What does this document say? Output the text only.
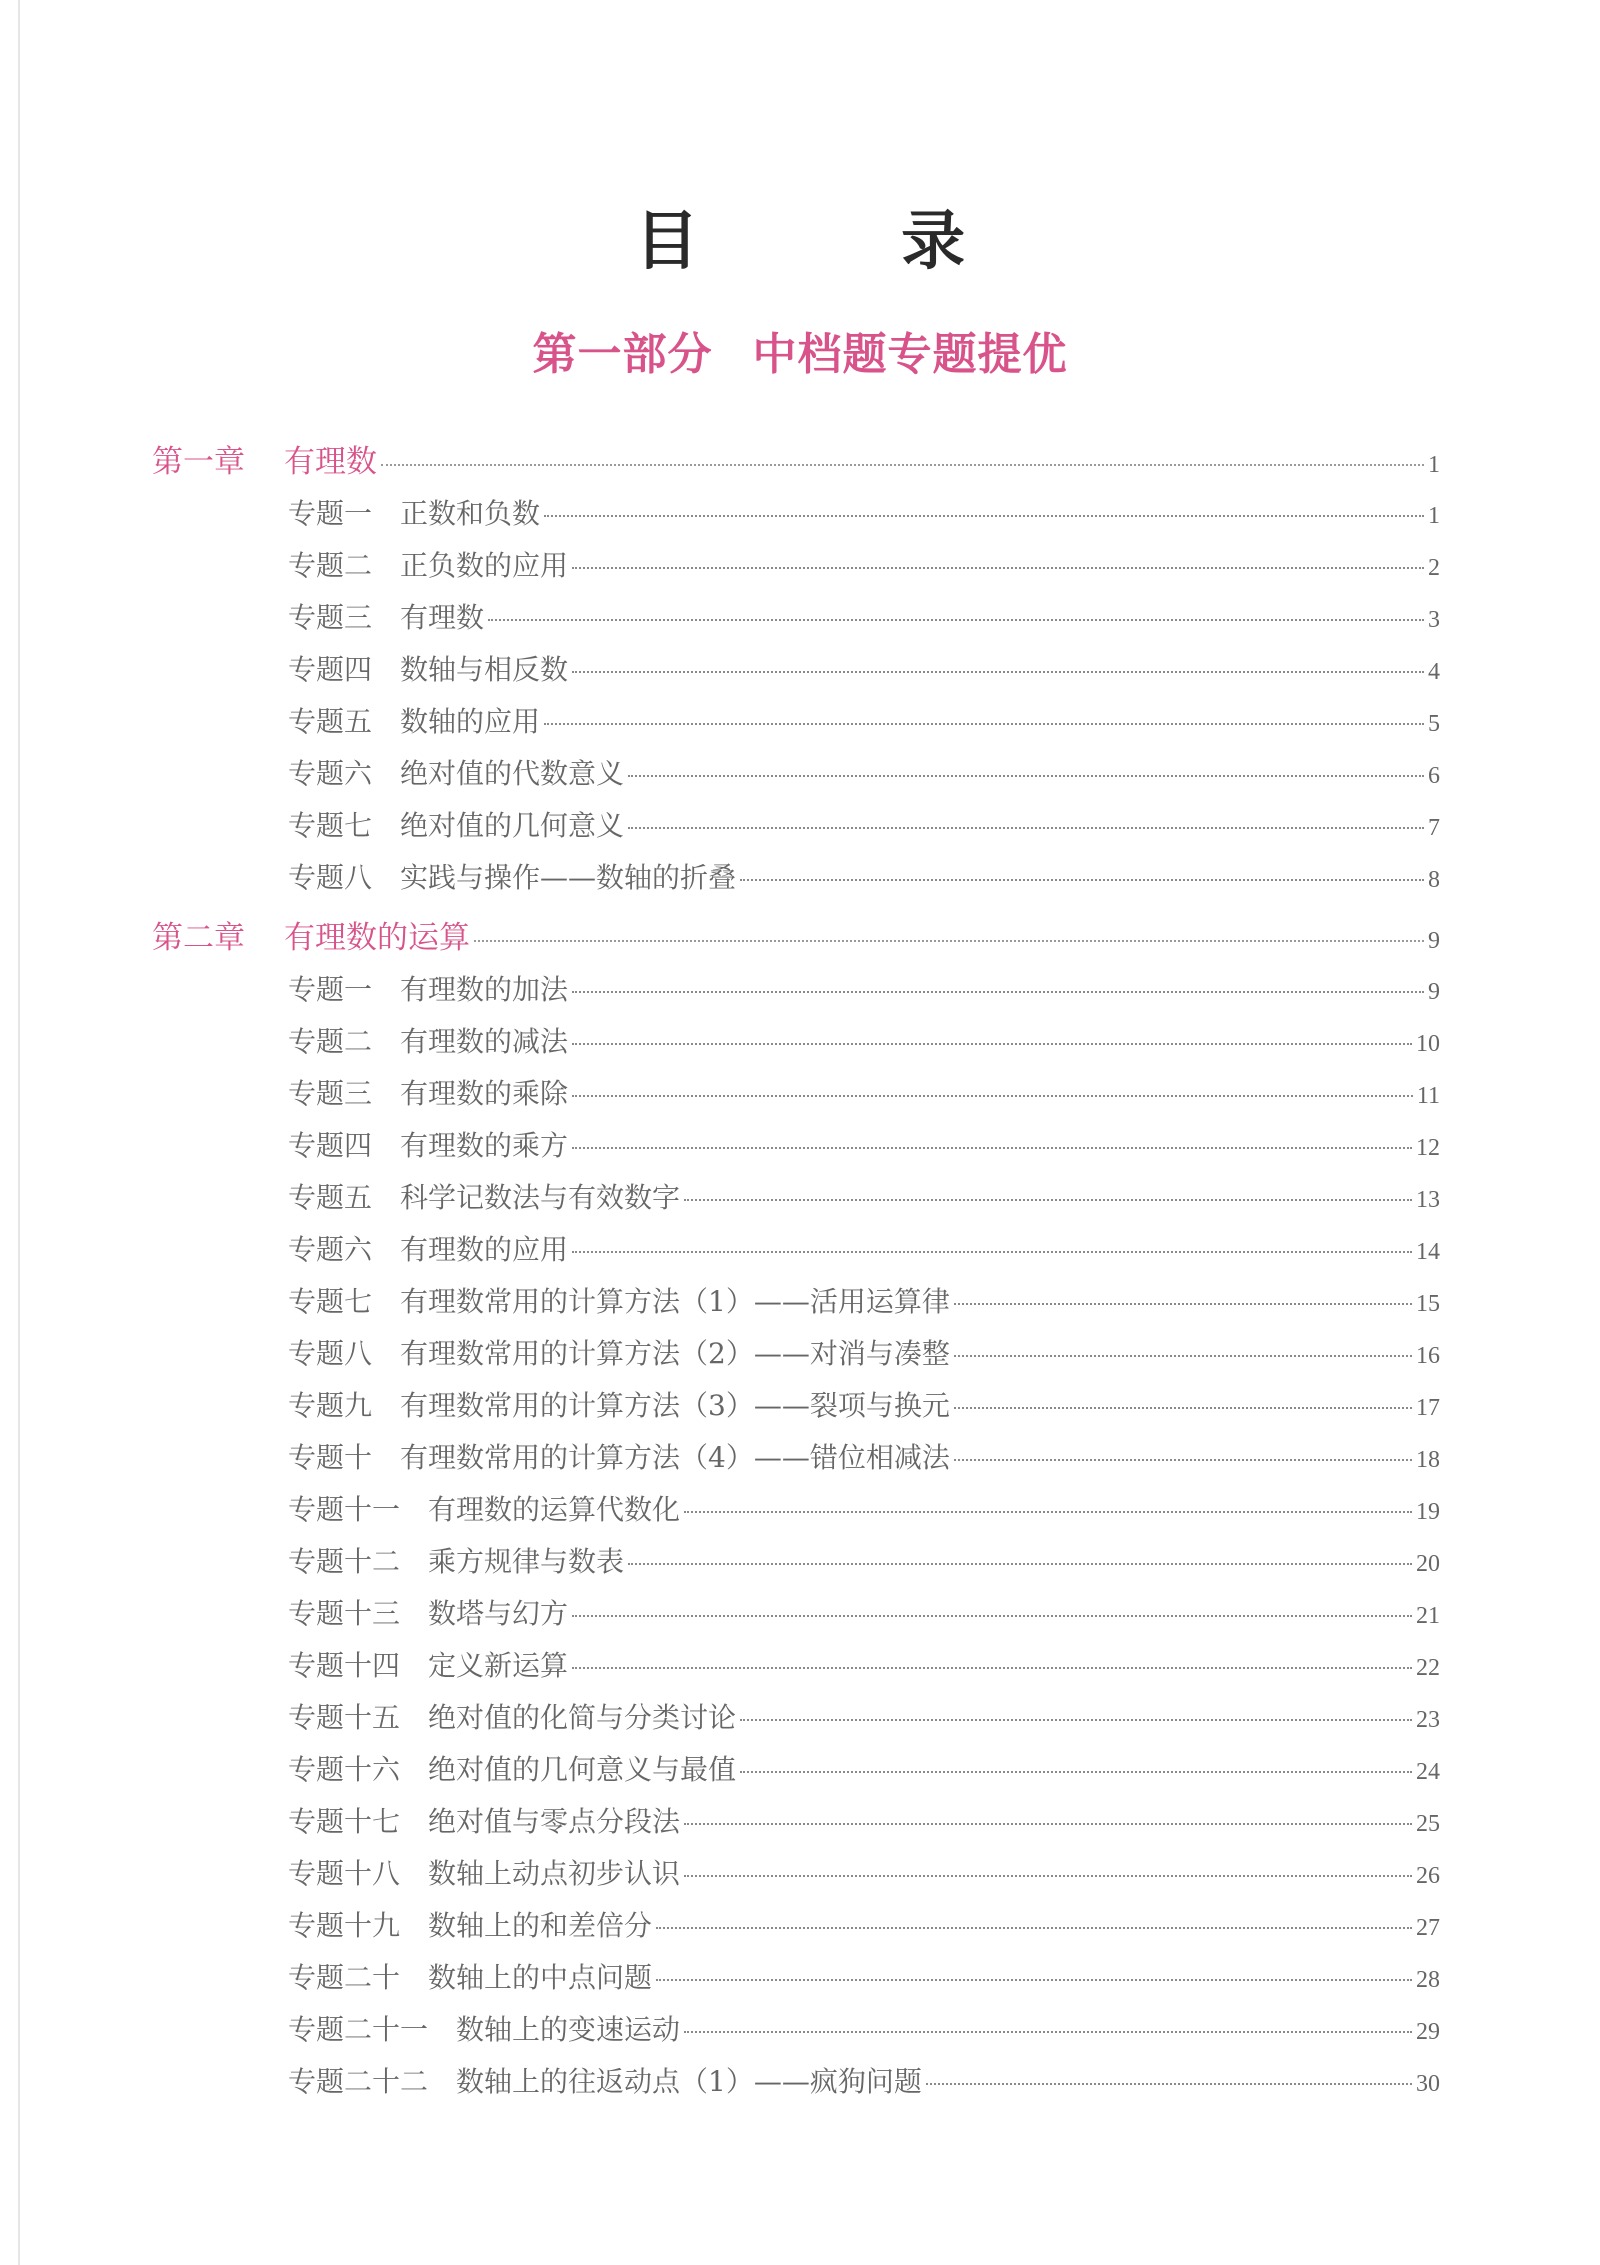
目 录
第一部分 中档题专题提优
第一章	有理数	1
专题一 正数和负数	1
专题二 正负数的应用	2
专题三 有理数	3
专题四 数轴与相反数	4
专题五 数轴的应用	5
专题六 绝对值的代数意义	6
专题七 绝对值的几何意义	7
专题八 实践与操作——数轴的折叠	8
第二章	有理数的运算	9
专题一 有理数的加法	9
专题二 有理数的减法	10
专题三 有理数的乘除	11
专题四 有理数的乘方	12
专题五 科学记数法与有效数字	13
专题六 有理数的应用	14
专题七 有理数常用的计算方法（1）——活用运算律	15
专题八 有理数常用的计算方法（2）——对消与凑整	16
专题九 有理数常用的计算方法（3）——裂项与换元	17
专题十 有理数常用的计算方法（4）——错位相减法	18
专题十一 有理数的运算代数化	19
专题十二 乘方规律与数表	20
专题十三 数塔与幻方	21
专题十四 定义新运算	22
专题十五 绝对值的化简与分类讨论	23
专题十六 绝对值的几何意义与最值	24
专题十七 绝对值与零点分段法	25
专题十八 数轴上动点初步认识	26
专题十九 数轴上的和差倍分	27
专题二十 数轴上的中点问题	28
专题二十一 数轴上的变速运动	29
专题二十二 数轴上的往返动点（1）——疯狗问题	30
